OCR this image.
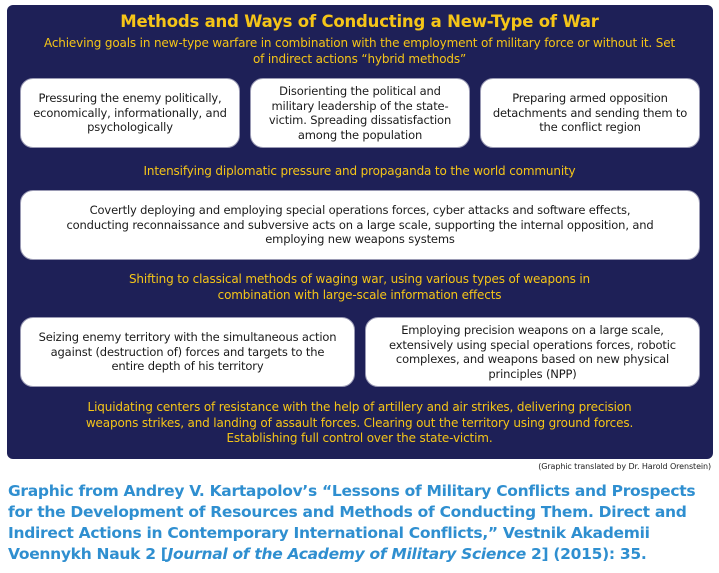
Methods and Ways of Conducting a New-Type of War
Achieving goals in new-type warfare in combination with the employment of military force or without it. Set of indirect actions “hybrid methods”
Pressuring the enemy politically, economically, informationally, and psychologically
Disorienting the political and military leadership of the state-victim. Spreading dissatisfaction among the population
Preparing armed opposition detachments and sending them to the conflict region
Intensifying diplomatic pressure and propaganda to the world community
Covertly deploying and employing special operations forces, cyber attacks and software effects, conducting reconnaissance and subversive acts on a large scale, supporting the internal opposition, and employing new weapons systems
Shifting to classical methods of waging war, using various types of weapons in combination with large-scale information effects
Seizing enemy territory with the simultaneous action against (destruction of) forces and targets to the entire depth of his territory
Employing precision weapons on a large scale, extensively using special operations forces, robotic complexes, and weapons based on new physical principles (NPP)
Liquidating centers of resistance with the help of artillery and air strikes, delivering precision weapons strikes, and landing of assault forces. Clearing out the territory using ground forces. Establishing full control over the state-victim.
(Graphic translated by Dr. Harold Orenstein)
Graphic from Andrey V. Kartapolov’s “Lessons of Military Conflicts and Prospects for the Development of Resources and Methods of Conducting Them. Direct and Indirect Actions in Contemporary International Conflicts,” Vestnik Akademii Voennykh Nauk 2 [Journal of the Academy of Military Science 2] (2015): 35.
